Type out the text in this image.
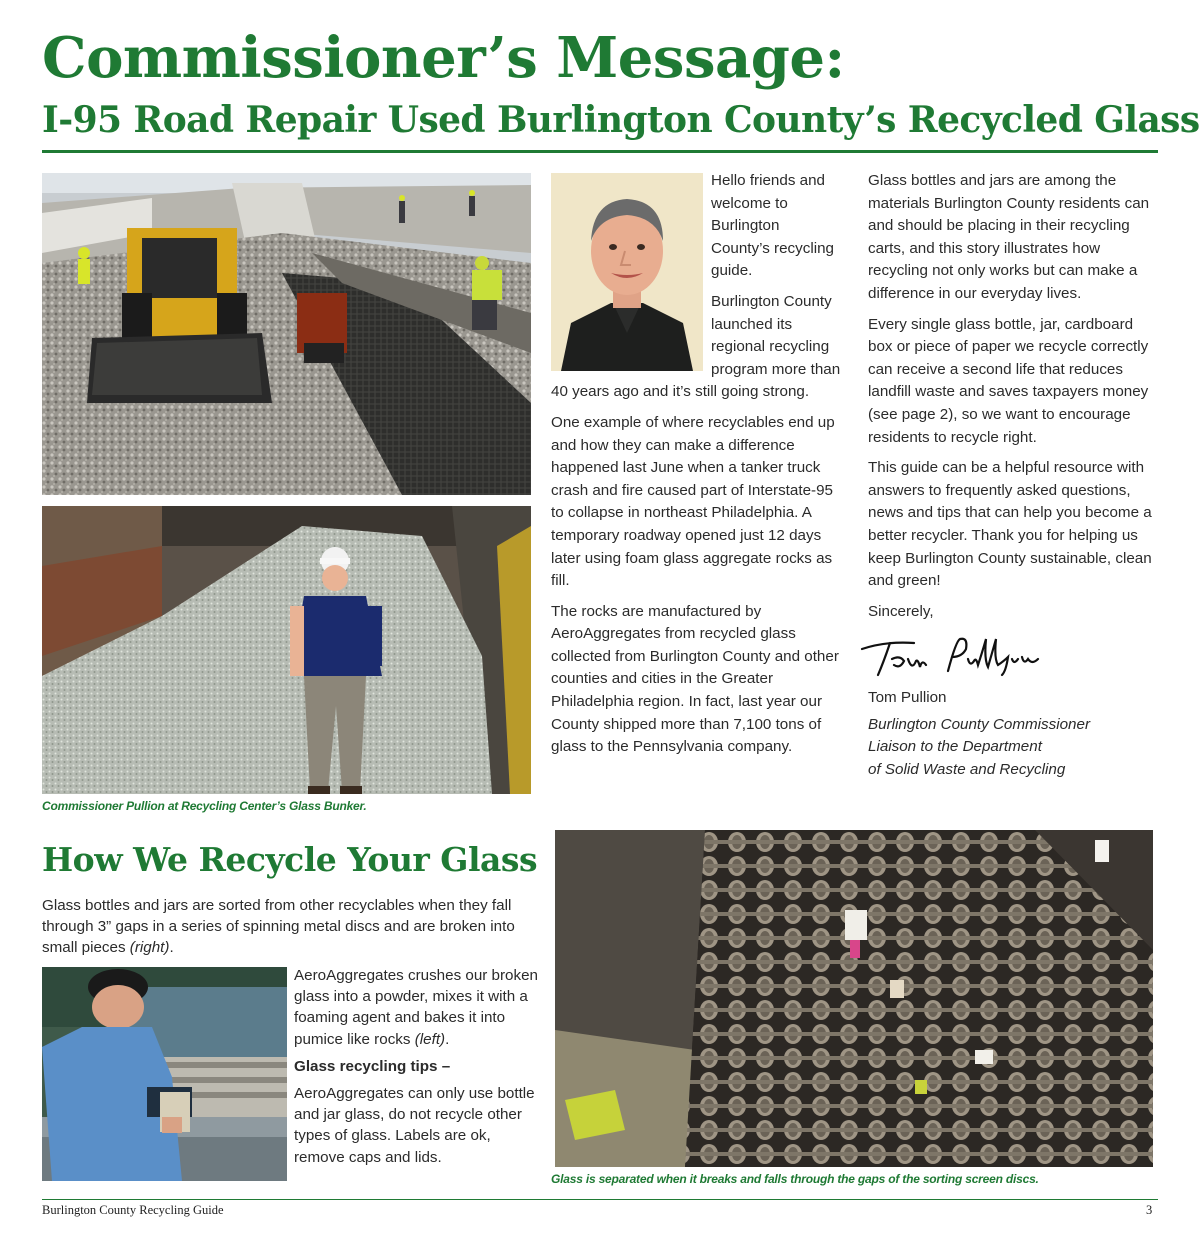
Commissioner’s Message:
I-95 Road Repair Used Burlington County’s Recycled Glass
Commissioner Pullion at Recycling Center’s Glass Bunker.

Hello friends and welcome to Burlington County’s recycling guide.

Burlington County launched its regional recycling program more than 40 years ago and it’s still going strong.

One example of where recyclables end up and how they can make a difference happened last June when a tanker truck crash and fire caused part of Interstate-95 to collapse in northeast Philadelphia. A temporary roadway opened just 12 days later using foam glass aggregate rocks as fill.

The rocks are manufactured by AeroAggregates from recycled glass collected from Burlington County and other counties and cities in the Greater Philadelphia region. In fact, last year our County shipped more than 7,100 tons of glass to the Pennsylvania company.

Glass bottles and jars are among the materials Burlington County residents can and should be placing in their recycling carts, and this story illustrates how recycling not only works but can make a difference in our everyday lives.

Every single glass bottle, jar, cardboard box or piece of paper we recycle correctly can receive a second life that reduces landfill waste and saves taxpayers money (see page 2), so we want to encourage residents to recycle right.

This guide can be a helpful resource with answers to frequently asked questions, news and tips that can help you become a better recycler. Thank you for helping us keep Burlington County sustainable, clean and green!

Sincerely,

Tom Pullion

Burlington County Commissioner

Liaison to the Department

of Solid Waste and Recycling

How We Recycle Your Glass
Glass bottles and jars are sorted from other recyclables when they fall through 3” gaps in a series of spinning metal discs and are broken into small pieces (right).

AeroAggregates crushes our broken glass into a powder, mixes it with a foaming agent and bakes it into pumice like rocks (left).

Glass recycling tips –

AeroAggregates can only use bottle and jar glass, do not recycle other types of glass. Labels are ok, remove caps and lids.

Glass is separated when it breaks and falls through the gaps of the sorting screen discs.
Burlington County Recycling Guide	3
